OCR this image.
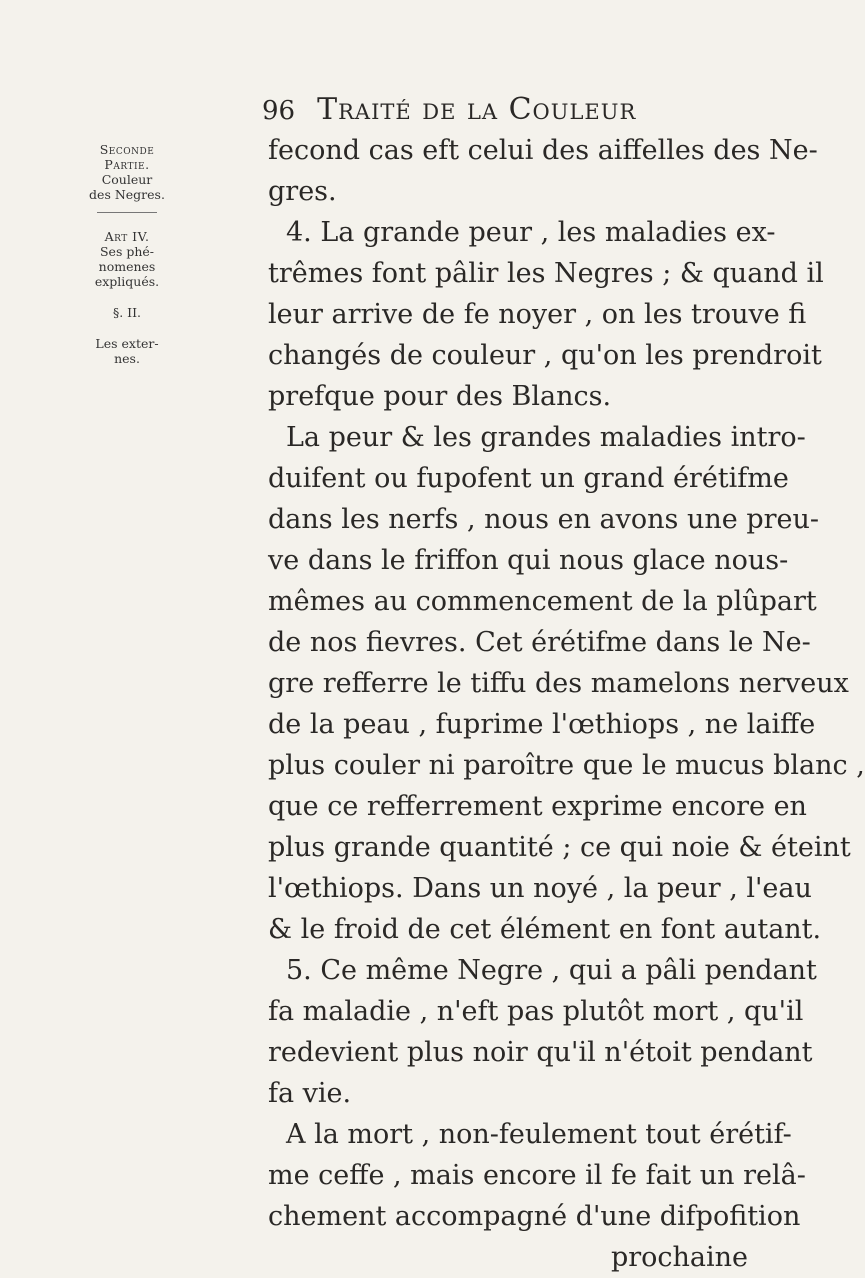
96 Traité de la Couleur
Seconde
Partie.
Couleur
des Negres.
Art IV.
Ses phé-
nomenes
expliqués.
§. II.
Les exter-
nes.
fecond cas eft celui des aiffelles des Ne-
gres.
4. La grande peur , les maladies ex-
trêmes font pâlir les Negres ; & quand il
leur arrive de fe noyer , on les trouve fi
changés de couleur , qu'on les prendroit
prefque pour des Blancs.
La peur & les grandes maladies intro-
duifent ou fupofent un grand érétifme
dans les nerfs , nous en avons une preu-
ve dans le friffon qui nous glace nous-
mêmes au commencement de la plûpart
de nos fievres. Cet érétifme dans le Ne-
gre refferre le tiffu des mamelons nerveux
de la peau , fuprime l'œthiops , ne laiffe
plus couler ni paroître que le mucus blanc ,
que ce refferrement exprime encore en
plus grande quantité ; ce qui noie & éteint
l'œthiops. Dans un noyé , la peur , l'eau
& le froid de cet élément en font autant.
5. Ce même Negre , qui a pâli pendant
fa maladie , n'eft pas plutôt mort , qu'il
redevient plus noir qu'il n'étoit pendant
fa vie.
A la mort , non-feulement tout érétif-
me ceffe , mais encore il fe fait un relâ-
chement accompagné d'une difpofition
prochaine
